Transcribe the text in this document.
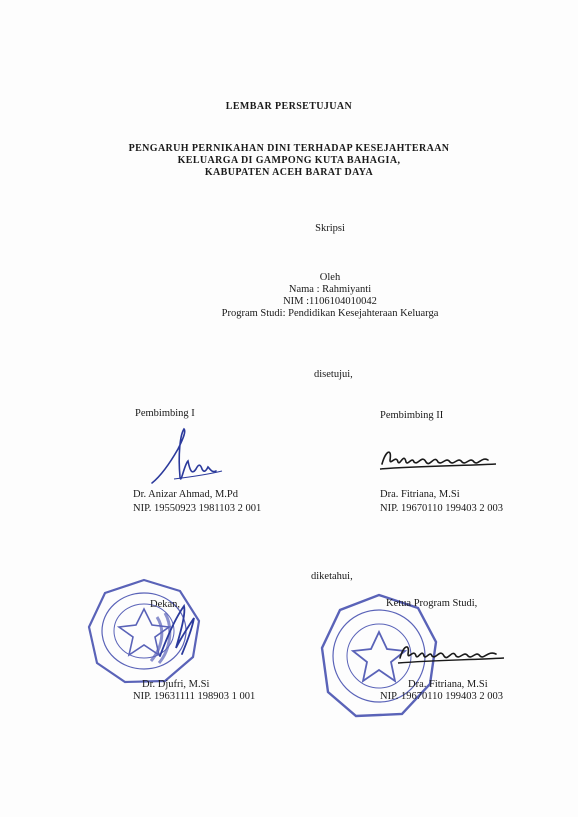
LEMBAR PERSETUJUAN
PENGARUH PERNIKAHAN DINI TERHADAP KESEJAHTERAAN
KELUARGA DI GAMPONG KUTA BAHAGIA,
KABUPATEN ACEH BARAT DAYA
Skripsi
Oleh
Nama : Rahmiyanti
NIM :1106104010042
Program Studi: Pendidikan Kesejahteraan Keluarga
disetujui,
Pembimbing I
Dr. Anizar Ahmad, M.Pd
NIP. 19550923 1981103 2 001
Pembimbing II
Dra. Fitriana, M.Si
NIP. 19670110 199403 2 003
diketahui,
Dekan,
Dr. Djufri, M.Si
NIP. 19631111 198903 1 001
Ketua Program Studi,
Dra. Fitriana, M.Si
NIP. 19670110 199403 2 003
